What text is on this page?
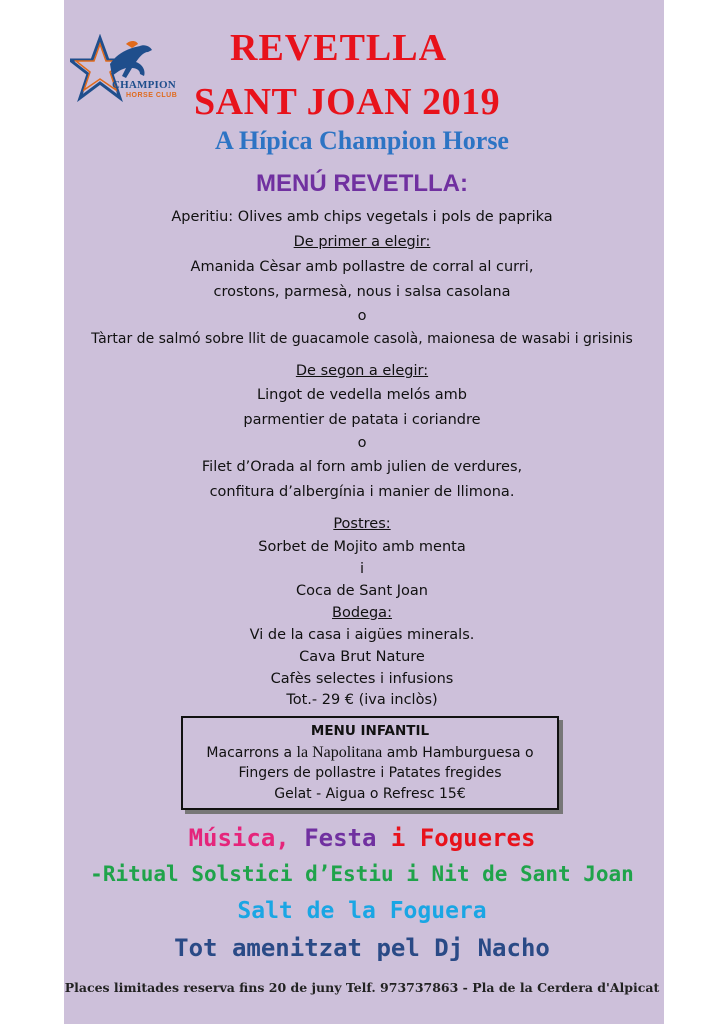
CHAMPION
HORSE CLUB
REVETLLA
SANT JOAN 2019
A Hípica Champion Horse
MENÚ REVETLLA:
Aperitiu: Olives amb chips vegetals i pols de paprika
De primer a elegir:
Amanida Cèsar amb pollastre de corral al curri,
crostons, parmesà, nous i salsa casolana
o
Tàrtar de salmó sobre llit de guacamole casolà, maionesa de wasabi i grisinis
De segon a elegir:
Lingot de vedella melós amb
parmentier de patata i coriandre
o
Filet d’Orada al forn amb julien de verdures,
confitura d’albergínia i manier de llimona.
Postres:
Sorbet de Mojito amb menta
i
Coca de Sant Joan
Bodega:
Vi de la casa i aigües minerals.
Cava Brut Nature
Cafès selectes i infusions
Tot.- 29 € (iva inclòs)
MENU INFANTIL
Macarrons a la Napolitana amb Hamburguesa o
Fingers de pollastre i Patates fregides
Gelat - Aigua o Refresc 15€
Música, Festa i Fogueres
-Ritual Solstici d’Estiu i Nit de Sant Joan
Salt de la Foguera
Tot amenitzat pel Dj Nacho
Places limitades reserva fins 20 de juny Telf. 973737863 - Pla de la Cerdera d'Alpicat
